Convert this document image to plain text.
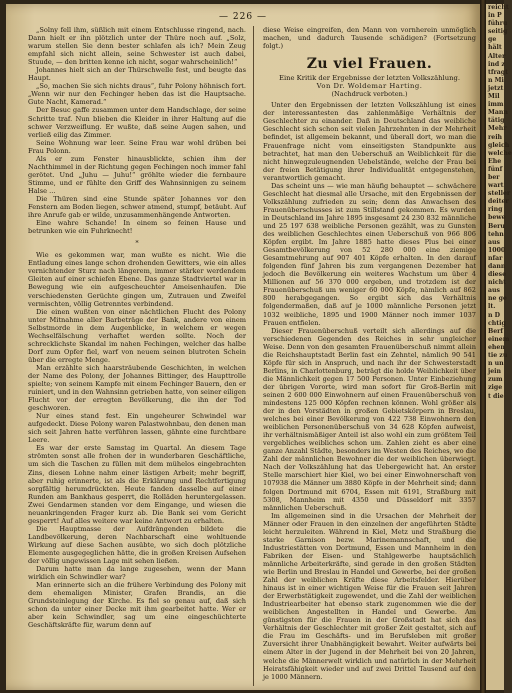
— 226 —

„Solny fell ihm, süßlich mit einem Entschlusse ringend, nach. Dann hielt er ihn plötzlich unter der Thüre noch auf. „Solz, warum stellen Sie denn bester schlafen als ich? Mein Zeug empfahl sich nicht allein, seine Schwester ist auch dabei, Stuude, — den britten kenne ich nicht, sogar wahrscheinlich!“

Johannes hielt sich an der Thürschwelle fest, und beugte das Haupt.

„So, machen Sie sich nichts draus“, fuhr Polony höhnisch fort. „Wenn wir nur den Fechinger heben das ist die Hauptsache. Gute Nacht, Kamerad.“

Der Besuc gaffe zusammen unter dem Handschlage, der seine Schritte traf. Nun blieben die Kleider in ihrer Haltung auf die schwer Verzweiflung. Er wußte, daß seine Augen sahen, und verließ eilig das Zimmer.

Seine Wohnung war leer. Seine Frau war wohl drüben bei Frau Polonn.

Als er zum Fenster hinausblickte, schien ihm der Nachthimmel in der Richtung gegen Fechingen noch immer fahl gerötet. Und „Juhu — Juhu!“ gröhlte wieder die fernbaure Stimme, und er fühlte den Griff des Wahnsinnigen zu seinem Halse ...

Die Thüren sind eine Stunde später Johannes vor den Fenstern am Boden liegen, schwer atmend, stumpf, betäubt. Auf ihre Anrufe gab er wilde, unzusammenhängende Antworten.

Eine wahre Schande! In einem so feinen Hause und betrunken wie ein Fuhrknecht!

*

Wie es gekommen war, man wußte es nicht. Wie die Entladung eines lange schon drohenden Gewitters, wie ein alles vernichtender Sturz nach längerem, immer stärker werdendem Gleiten auf einer schiefen Ebene. Das ganze Stadtviertel war in Bewegung wie ein aufgescheuchter Ameisenhaufen. Die verschiedensten Gerüchte gingen um, Zutrauen und Zweifel vermischten, völlig Getrenntes verbindend.

Die einen wußten von einer nächtlichen Flucht des Polony unter Mitnahme aller Barbeträge der Bank, andere von einem Selbstmorde in dem Augenblicke, in welchem er wegen Wechselfälschung verhaftet werden sollte. Noch der schrecklichste Skandal im nahen Fechingen, welcher das halbe Dorf zum Opfer fiel, warf von neuem seinen blutroten Schein über die erregte Menge.

Man erzählte sich haarsträubende Geschichten, in welchen der Name des Polony, der Johannes Bittinger, des Haupttrolle spielte; von seinem Kampfe mit einem Fechinger Bauern, den er ruiniert, und in den Wahnsinn getrieben hatte, von seiner eiligen Flucht vor der erregten Bevölkerung, die ihn der Tod geschworen.

Nur eines stand fest. Ein ungeheurer Schwindel war aufgedeckt. Diese Polony waren Palastwohnbau, den denen man sich seit Jahren hatte verführen lassen, gähnte eine furchtbare Leere.

Es war der erste Samstag im Quartal. An diesem Tage strömten sonst alle frohen der in wunderbaren Geschäftliche, um sich die Taschen zu füllen mit dem mühelos eingebrachten Zins, diesen Lohne nahm einer lästigen Arbeit; mehr begriff, aber ruhig erinnerte, ist als die Erklärung und Rechtfertigung sorgfältig herumdrückten. Heute fanden dasselbe auf einer Runden am Bankhaus gesperrt, die Rolläden heruntergelassen. Zwei Gendarmen standen vor dem Eingange, und wiesen die neuankringenden Frager kurz ab. Die Bank sei vom Gericht gesperrt! Auf alles weitere war keine Antwort zu erhalten.

Die Hauptmasse der Aufdrängenden bildete die Landbevölkerung, deren Nachbarschaft eine wohltuende Wirkung auf diese Sachen ausübte, wo sich doch plötzliche Elemente ausgegeglichen hätte, die in großen Kreisen Aufsehen der völlig ungewissen Lage mit sehen ließen.

Darum hatte man da lange zugesehen, wenn der Mann wirklich ein Schwindler war?

Man erinnerte sich an die frühere Verbindung des Polony mit dem ehemaligen Minister, Grafen Brandis, an die Grundsteinlegung der Kirche. Es fiel so genau auf, daß sich schon da unter einer Decke mit ihm gearbeitet hatte. Wer er aber kein Schwindler, sag um eine eingeschüchterte Geschäftskräfte für, warum denn auf

diese Weise eingreifen, den Mann von vornherein unmöglich machen, und dadurch Tausende schädigen? (Fortsetzung folgt.)

Zu viel Frauen.

Eine Kritik der Ergebnisse der letzten Volkszählung.

Von Dr. Woldemar Harting.

(Nachdruck verboten.)

Unter den Ergebnissen der letzten Volkszählung ist eines der interessantesten das zahlenmäßige Verhältnis der Geschlechter zu einander. Daß in Deutschland das weibliche Geschlecht sich schon seit vielen Jahrzehnten in der Mehrheit befindet, ist allgemein bekannt, und überall dort, wo man die Frauenfrage nicht vom einseitigsten Standpunkte aus betrachtet, hat man den Ueberschuß an Weiblichkeit für die nicht hinwegzuleugnenden Uebelstände, welche der Frau bei der freien Betätigung ihrer Individualität entgegenstehen, verantwortlich gemacht.

Das scheint uns — wie man häufig behauptet — schwächere Geschlecht hat diesmal alle Ursache, mit den Ergebnissen der Volkszählung zufrieden zu sein; denn das Anwachsen des Frauenüberschusses ist zum Stillstand gekommen. Es wurden in Deutschland im Jahre 1895 insgesamt 24 230 832 männliche und 25 197 638 weibliche Personen gezählt, was zu Gunsten des weiblichen Geschlechtes einen Ueberschuß von 966 806 Köpfen ergibt. Im Jahre 1885 hatte dieses Plus bei einer Gesamtbevölkerung von 52 280 000 eine ziemige Gesamtmehrung auf 907 401 Köpfe erhalten. In den darauf folgenden fünf Jahren bis zum vergangenen Dezember hat jedoch die Bevölkerung ein weiteres Wachstum um über 4 Millionen auf 56 370 000 ergeben, und trotzdem ist der Frauenüberschuß um weniger 60 000 Köpfe, nämlich auf 862 800 herabgegangen. So ergibt sich das Verhältnis folgendermaßen, daß auf je 1000 männliche Personen jetzt 1032 weibliche, 1895 und 1900 Männer noch immer 1037 Frauen entfielen.

Dieser Frauenüberschuß verteilt sich allerdings auf die verschiedenen Gegenden des Reiches in sehr ungleicher Weise. Denn von den gesamten Frauenüberschuß nimmt allein die Reichshauptstadt Berlin fast ein Zehntel, nämlich 90 541 Köpfe für sich in Anspruch, und nach ihr der Schwesterstadt Berlins, in Charlottenburg, beträgt die holde Weiblichkeit über die Männlichkeit gegen 17 500 Personen. Unter Einbeziehung der übrigen Vororte, wird man sofort für Groß-Berlin mit seinen 2 600 000 Einwohnern auf einen Frauenüberschuß von mindestens 125 000 Köpfen rechnen können. Wohl größer als der in den Vorstädten in großen Gebietskörpern in Breslau, welches bei einer Bevölkerung von 422 738 Einwohnern den weiblichen Personenüberschuß von 34 628 Köpfen aufweist, ihr verhältnismäßiger Anteil ist also wohl ein zum größtem Teil vergebliches weibliches schon um. Zahlen zieht es aber eine ganze Anzahl Städte, besonders im Westen des Reiches, wo die Zahl der männlichen Bewohner die der weiblichen überwiegt. Nach der Volkszählung hat das Uebergewicht hat. An erster Stelle marschiert hier Kiel, wo bei einer Einwohnerschaft von 107938 die Männer um 3880 Köpfe in der Mehrheit sind; dann folgen Dortmund mit 6704, Essen mit 6191, Straßburg mit 5308, Mannheim mit 4350 und Düsseldorf mit 3357 männlichen Ueberschuß.

Im allgemeinen sind in die Ursachen der Mehrheit der Männer oder Frauen in den einzelnen der angeführten Städte leicht herzuleiten. Während in Kiel, Metz und Straßburg die starke Garnison bezw. Marinemannschaft, und die Industriestätten von Dortmund, Essen und Mannheim in den Fabriken der Eisen- und Stahlgewerbe hauptsächlich männliche Arbeiterkräfte, sind gerade in den großen Städten wie Berlin und Breslau in Handel und Gewerbe, bei der großen Zahl der weiblichen Kräfte diese Arbeitsfelder. Hierüber hinaus ist in einer wichtigen Weise für die Frauen seit Jahren der Erwerbstätigkeit zugewendet, und die Zahl der weiblichen Industriearbeiter hat ebenso stark zugenommen wie die der weiblichen Angestellten in Handel und Gewerbe. Am günstigsten für die Frauen in der Großstadt hat sich das Verhältnis der Geschlechter mit großer Zeit gestaltet, sich auf die Frau im Geschäfts- und im Berufsleben mit großer Zuversicht ihrer Unabhängigkeit bewahrt. Weiter aufwärts bei einem Alter in der Jugend in der Mehrheit bei von 20 Jahren, welche die Männerwelt wirklich und natürlich in der Mehrheit Heiratsfähigkeit wieder und auf zwei Drittel Tausend auf den je 1000 Männern.

reicht
in P
führu
seitig
ge
hält
Alter
ind z
tfragt
n Mi
jetzt
Mil
imm
Mann
tätig
Mehr
reih
gleich
welche
Ehe
fünf
ber
wart
steller
deiter
ring
bewe
Beru
tehn
aus
1000
nfar
dann
diese
nicht
aus
ne ge
lt.
n D
chtig
Berf
einem
ehen
tie zu
n un
jein
zum
zige
t die
